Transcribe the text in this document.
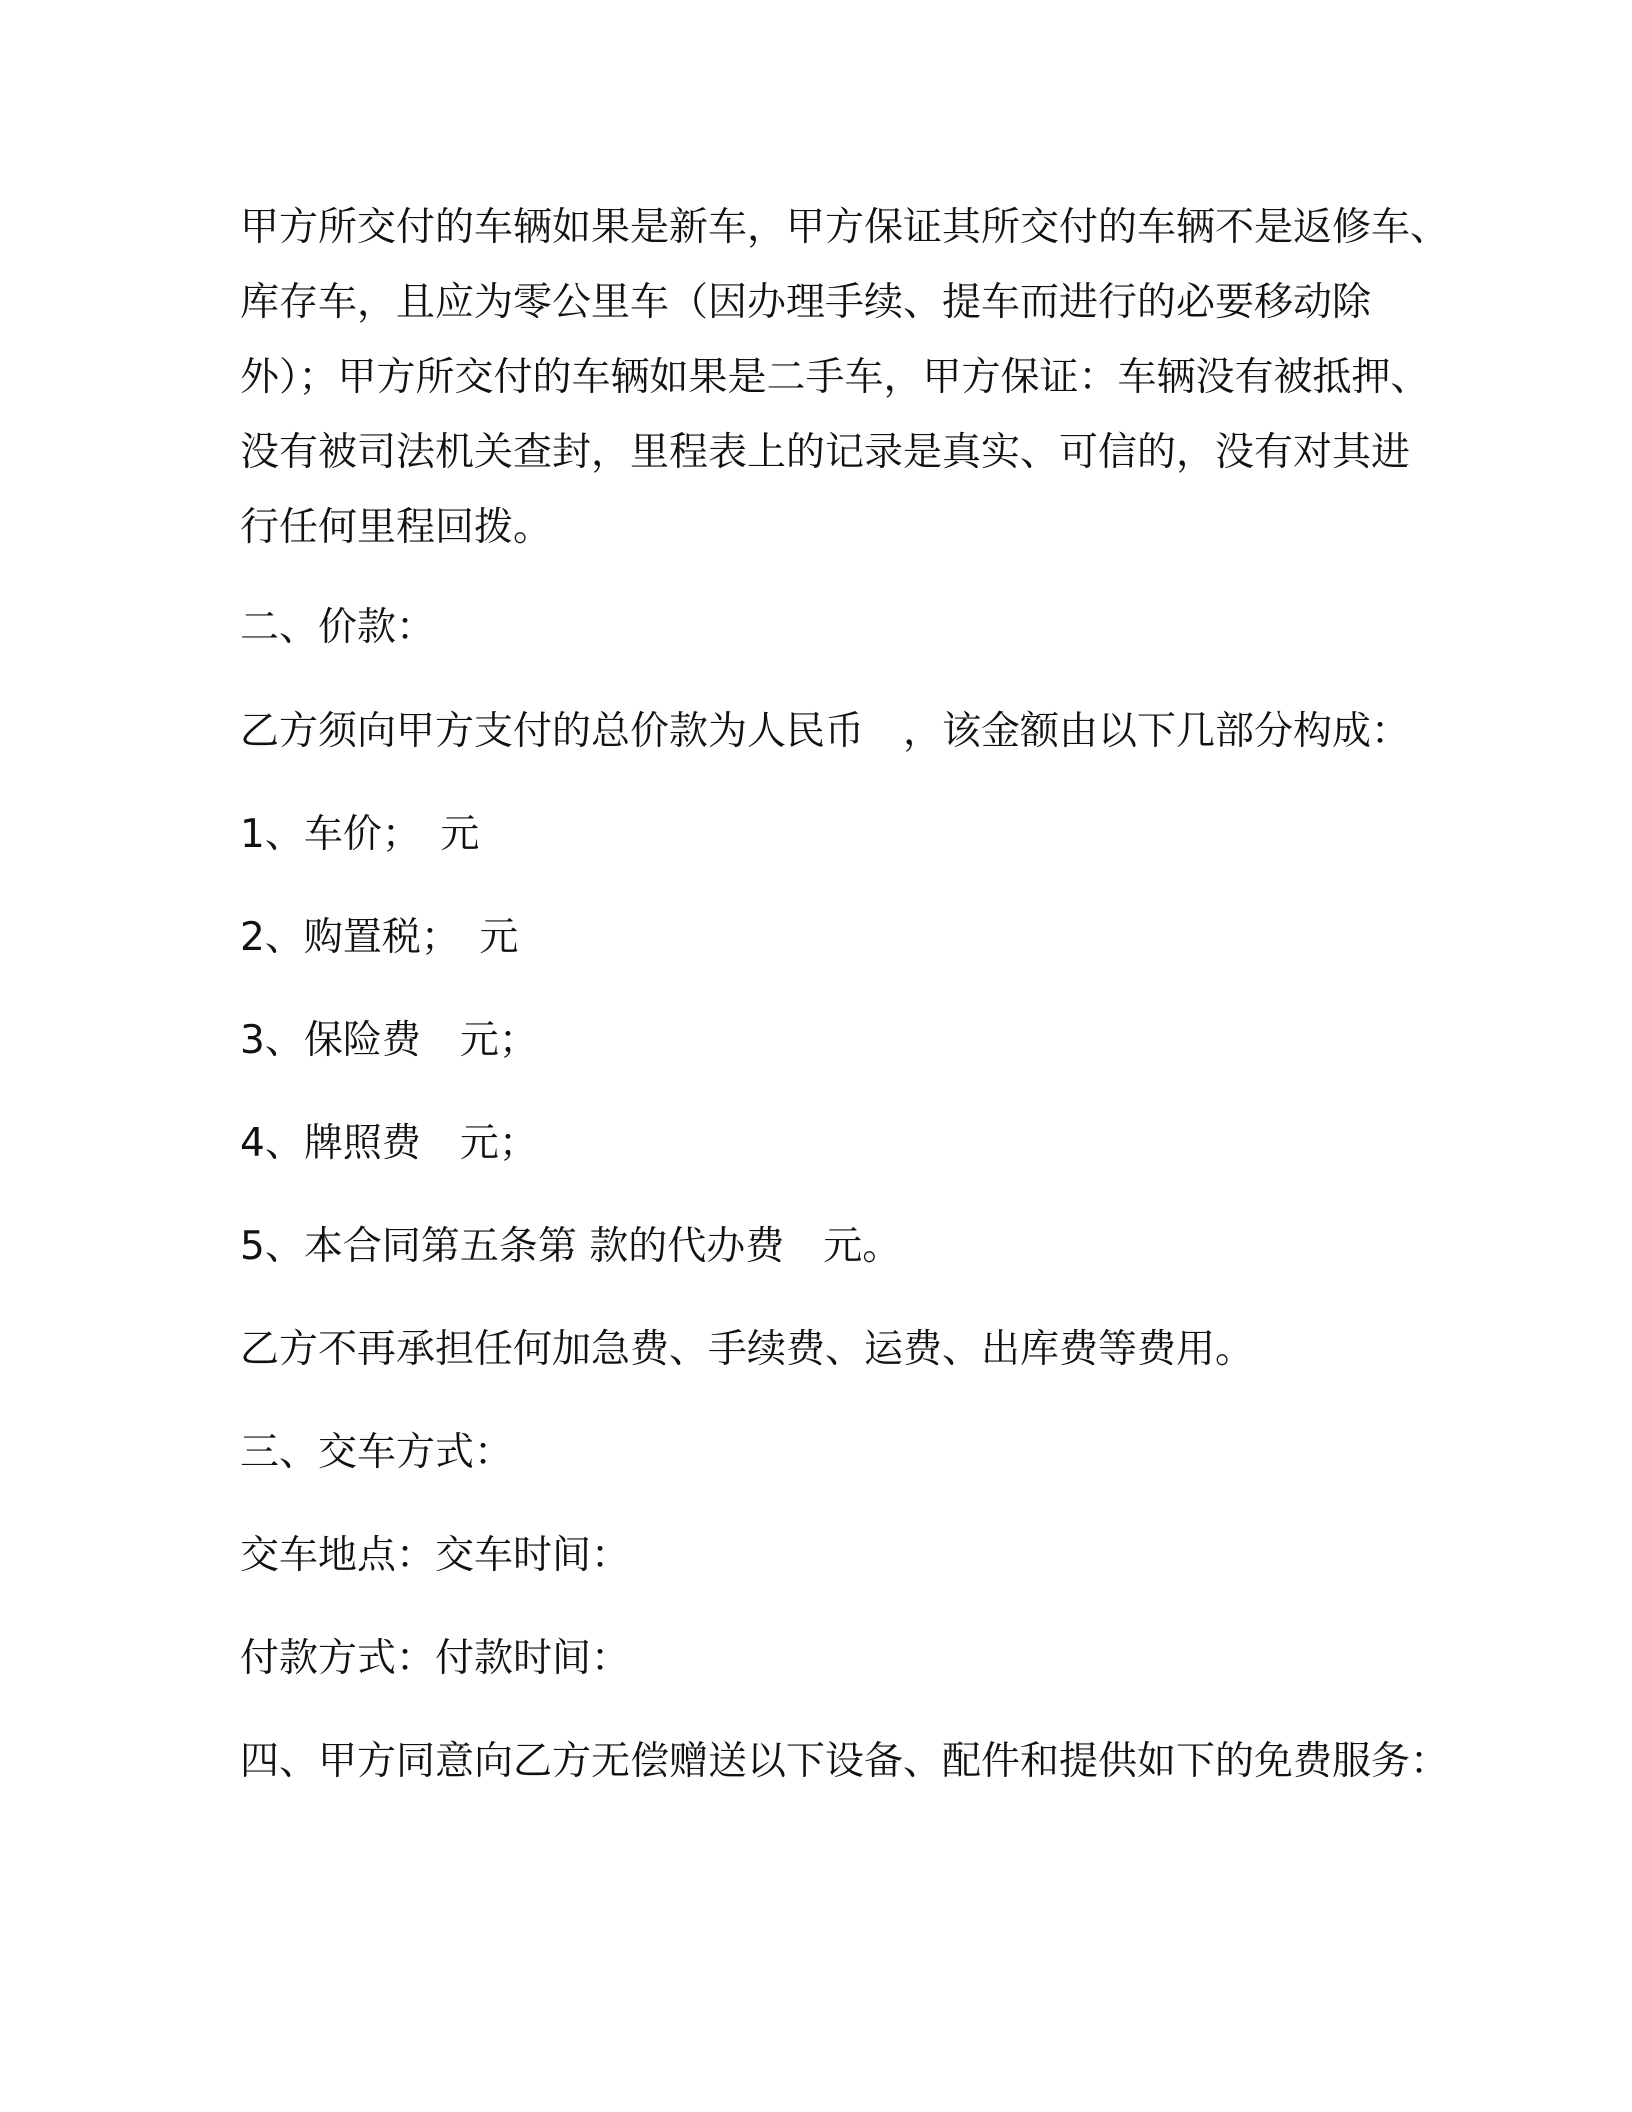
甲方所交付的车辆如果是新车，甲方保证其所交付的车辆不是返修车、
库存车，且应为零公里车（因办理手续、提车而进行的必要移动除
外）；甲方所交付的车辆如果是二手车，甲方保证：车辆没有被抵押、
没有被司法机关查封，里程表上的记录是真实、可信的，没有对其进
行任何里程回拨。

二、价款：

乙方须向甲方支付的总价款为人民币　，该金额由以下几部分构成：

1、车价；　元

2、购置税；　元

3、保险费　元；

4、牌照费　元；

5、本合同第五条第 款的代办费　元。

乙方不再承担任何加急费、手续费、运费、出库费等费用。

三、交车方式：

交车地点：交车时间：

付款方式：付款时间：

四、甲方同意向乙方无偿赠送以下设备、配件和提供如下的免费服务：
